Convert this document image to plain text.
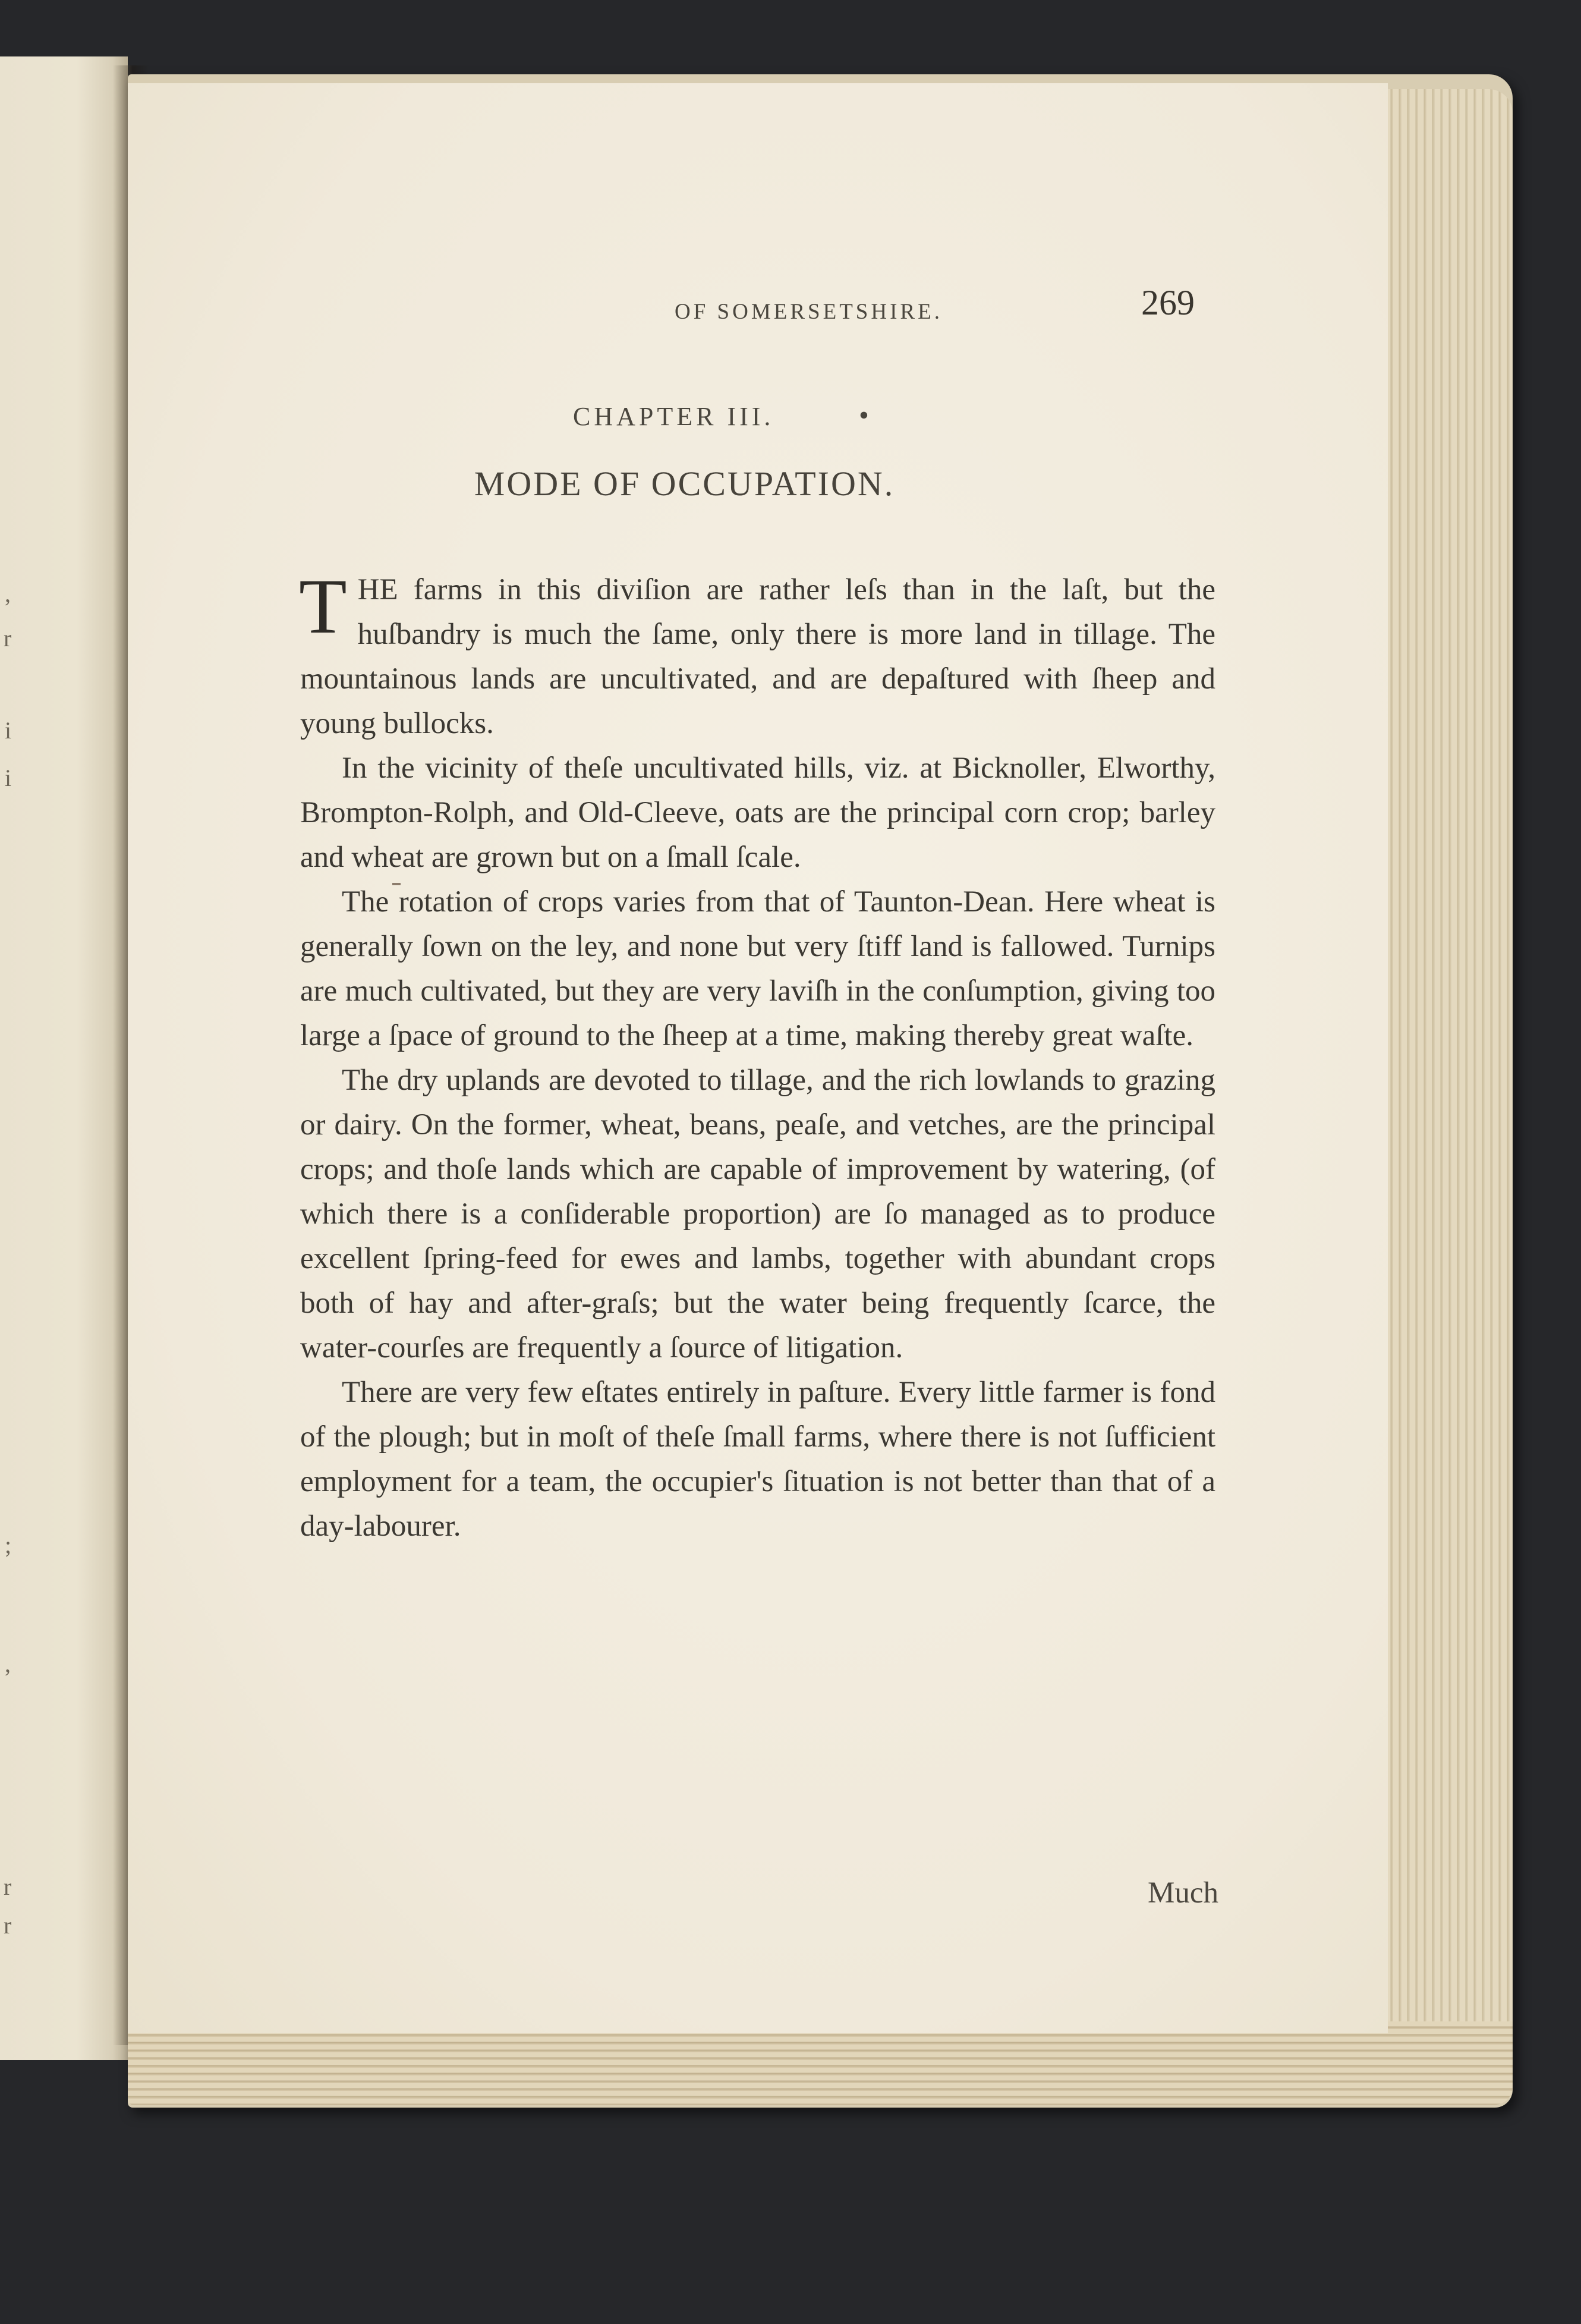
,
r
i
i
;
,
r
r
OF SOMERSETSHIRE.	269
CHAPTER III.	•
MODE OF OCCUPATION.

THE farms in this diviſion are rather leſs than in the laſt, but the huſbandry is much the ſame, only there is more land in tillage. The mountainous lands are uncultivated, and are depaſtured with ſheep and young bullocks.

In the vicinity of theſe uncultivated hills, viz. at Bicknoller, Elworthy, Brompton-Rolph, and Old-Cleeve, oats are the principal corn crop; barley and wheat are grown but on a ſmall ſcale.

The rotation of crops varies from that of Taunton-Dean. Here wheat is generally ſown on the ley, and none but very ſtiff land is fallowed. Turnips are much cultivated, but they are very laviſh in the conſumption, giving too large a ſpace of ground to the ſheep at a time, making thereby great waſte.

The dry uplands are devoted to tillage, and the rich lowlands to grazing or dairy. On the former, wheat, beans, peaſe, and vetches, are the principal crops; and thoſe lands which are capable of improvement by watering, (of which there is a conſiderable proportion) are ſo managed as to produce excellent ſpring-feed for ewes and lambs, together with abundant crops both of hay and after-graſs; but the water being frequently ſcarce, the water-courſes are frequently a ſource of litigation.

There are very few eſtates entirely in paſture. Every little farmer is fond of the plough; but in moſt of theſe ſmall farms, where there is not ſufficient employment for a team, the occupier's ſituation is not better than that of a day-labourer.

Much
